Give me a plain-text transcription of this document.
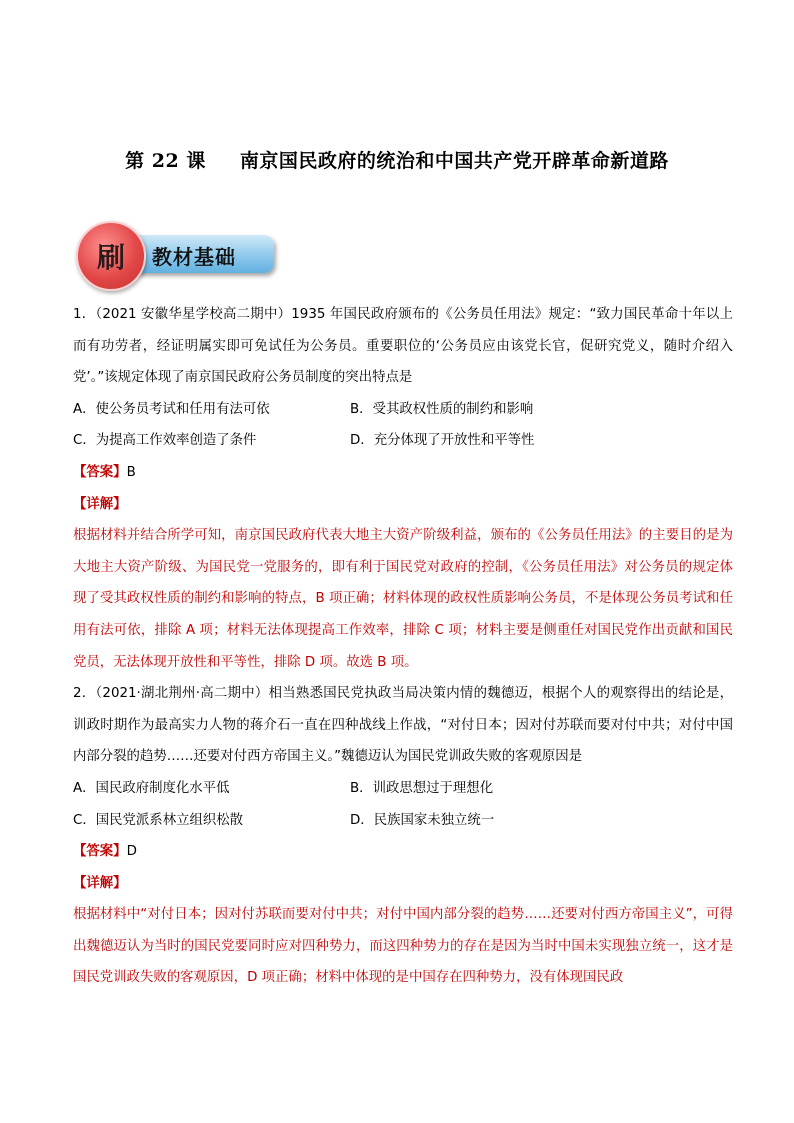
第 22 课 南京国民政府的统治和中国共产党开辟革命新道路
刷 教材基础

1．（2021 安徽华星学校高二期中）1935 年国民政府颁布的《公务员任用法》规定：“致力国民革命十年以上而有功劳者，经证明属实即可免试任为公务员。重要职位的‘公务员应由该党长官，促研究党义，随时介绍入党’。”该规定体现了南京国民政府公务员制度的突出特点是

A．使公务员考试和任用有法可依	B．受其政权性质的制约和影响
C．为提高工作效率创造了条件	D．充分体现了开放性和平等性
【答案】B
【详解】

根据材料并结合所学可知，南京国民政府代表大地主大资产阶级利益，颁布的《公务员任用法》的主要目的是为大地主大资产阶级、为国民党一党服务的，即有利于国民党对政府的控制，《公务员任用法》对公务员的规定体现了受其政权性质的制约和影响的特点，B 项正确；材料体现的政权性质影响公务员，不是体现公务员考试和任用有法可依，排除 A 项；材料无法体现提高工作效率，排除 C 项；材料主要是侧重任对国民党作出贡献和国民党员，无法体现开放性和平等性，排除 D 项。故选 B 项。

2．（2021·湖北荆州·高二期中）相当熟悉国民党执政当局决策内情的魏德迈，根据个人的观察得出的结论是，训政时期作为最高实力人物的蒋介石一直在四种战线上作战，“对付日本；因对付苏联而要对付中共；对付中国内部分裂的趋势……还要对付西方帝国主义。”魏德迈认为国民党训政失败的客观原因是

A．国民政府制度化水平低	B．训政思想过于理想化
C．国民党派系林立组织松散	D．民族国家未独立统一
【答案】D
【详解】

根据材料中“对付日本；因对付苏联而要对付中共；对付中国内部分裂的趋势……还要对付西方帝国主义”，可得出魏德迈认为当时的国民党要同时应对四种势力，而这四种势力的存在是因为当时中国未实现独立统一，这才是国民党训政失败的客观原因，D 项正确；材料中体现的是中国存在四种势力，没有体现国民政
